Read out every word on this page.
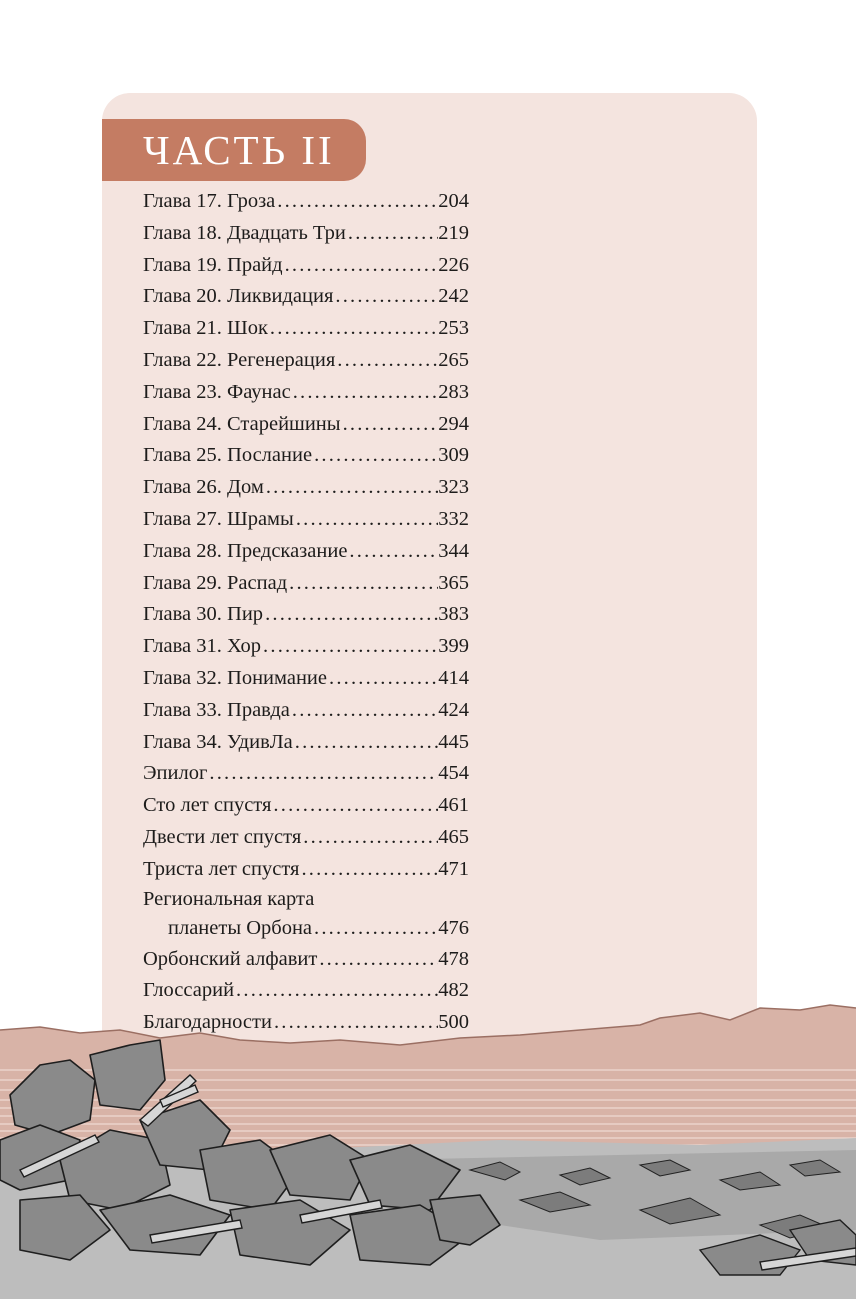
ЧАСТЬ II
Глава 17. Гроза .....	204
Глава 18. Двадцать Три .....	219
Глава 19. Прайд .....	226
Глава 20. Ликвидация .....	242
Глава 21. Шок .....	253
Глава 22. Регенерация .....	265
Глава 23. Фаунас .....	283
Глава 24. Старейшины .....	294
Глава 25. Послание .....	309
Глава 26. Дом .....	323
Глава 27. Шрамы .....	332
Глава 28. Предсказание .....	344
Глава 29. Распад .....	365
Глава 30. Пир .....	383
Глава 31. Хор .....	399
Глава 32. Понимание .....	414
Глава 33. Правда .....	424
Глава 34. УдивЛа .....	445
Эпилог .....	454
Сто лет спустя .....	461
Двести лет спустя .....	465
Триста лет спустя .....	471
Региональная карта
планеты Орбона .....	476
Орбонский алфавит .....	478
Глоссарий .....	482
Благодарности .....	500
